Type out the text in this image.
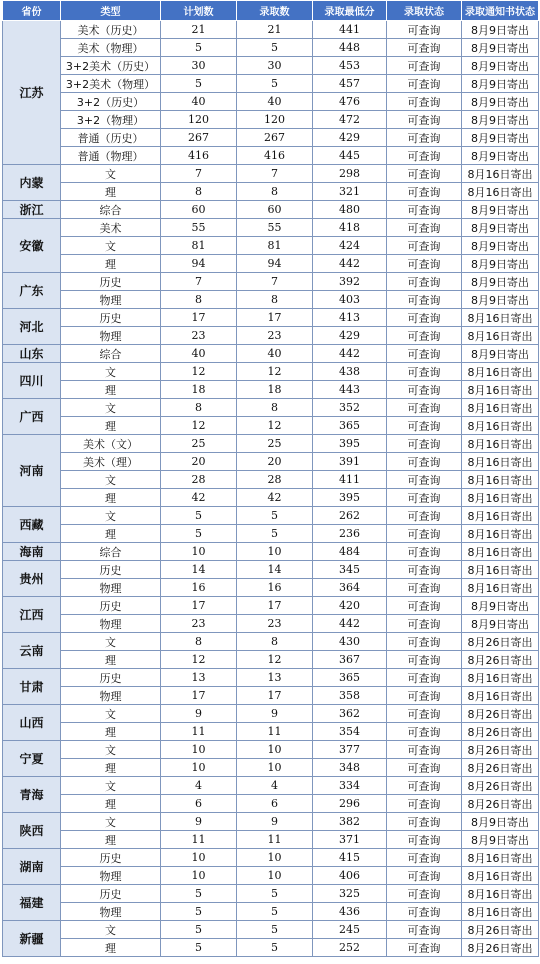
省份	类型	计划数	录取数	录取最低分	录取状态	录取通知书状态
江苏	美术（历史）	21	21	441	可查询	8月9日寄出
	美术（物理）	5	5	448	可查询	8月9日寄出
	3+2美术（历史）	30	30	453	可查询	8月9日寄出
	3+2美术（物理）	5	5	457	可查询	8月9日寄出
	3+2（历史）	40	40	476	可查询	8月9日寄出
	3+2（物理）	120	120	472	可查询	8月9日寄出
	普通（历史）	267	267	429	可查询	8月9日寄出
	普通（物理）	416	416	445	可查询	8月9日寄出
内蒙	文	7	7	298	可查询	8月16日寄出
	理	8	8	321	可查询	8月16日寄出
浙江	综合	60	60	480	可查询	8月9日寄出
安徽	美术	55	55	418	可查询	8月9日寄出
	文	81	81	424	可查询	8月9日寄出
	理	94	94	442	可查询	8月9日寄出
广东	历史	7	7	392	可查询	8月9日寄出
	物理	8	8	403	可查询	8月9日寄出
河北	历史	17	17	413	可查询	8月16日寄出
	物理	23	23	429	可查询	8月16日寄出
山东	综合	40	40	442	可查询	8月9日寄出
四川	文	12	12	438	可查询	8月16日寄出
	理	18	18	443	可查询	8月16日寄出
广西	文	8	8	352	可查询	8月16日寄出
	理	12	12	365	可查询	8月16日寄出
河南	美术（文）	25	25	395	可查询	8月16日寄出
	美术（理）	20	20	391	可查询	8月16日寄出
	文	28	28	411	可查询	8月16日寄出
	理	42	42	395	可查询	8月16日寄出
西藏	文	5	5	262	可查询	8月16日寄出
	理	5	5	236	可查询	8月16日寄出
海南	综合	10	10	484	可查询	8月16日寄出
贵州	历史	14	14	345	可查询	8月16日寄出
	物理	16	16	364	可查询	8月16日寄出
江西	历史	17	17	420	可查询	8月9日寄出
	物理	23	23	442	可查询	8月9日寄出
云南	文	8	8	430	可查询	8月26日寄出
	理	12	12	367	可查询	8月26日寄出
甘肃	历史	13	13	365	可查询	8月16日寄出
	物理	17	17	358	可查询	8月16日寄出
山西	文	9	9	362	可查询	8月26日寄出
	理	11	11	354	可查询	8月26日寄出
宁夏	文	10	10	377	可查询	8月26日寄出
	理	10	10	348	可查询	8月26日寄出
青海	文	4	4	334	可查询	8月26日寄出
	理	6	6	296	可查询	8月26日寄出
陕西	文	9	9	382	可查询	8月9日寄出
	理	11	11	371	可查询	8月9日寄出
湖南	历史	10	10	415	可查询	8月16日寄出
	物理	10	10	406	可查询	8月16日寄出
福建	历史	5	5	325	可查询	8月16日寄出
	物理	5	5	436	可查询	8月16日寄出
新疆	文	5	5	245	可查询	8月26日寄出
	理	5	5	252	可查询	8月26日寄出
